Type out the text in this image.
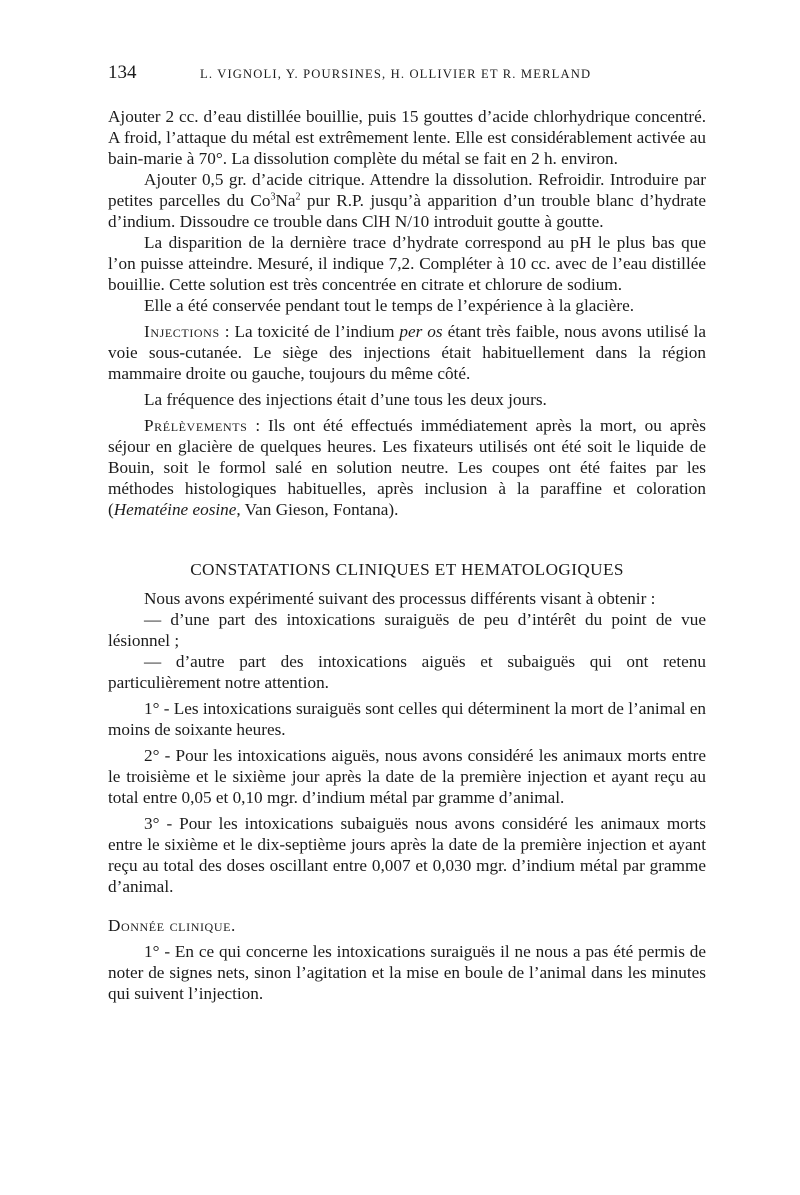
134	L. VIGNOLI, Y. POURSINES, H. OLLIVIER ET R. MERLAND

Ajouter 2 cc. d’eau distillée bouillie, puis 15 gouttes d’acide chlorhydrique concentré. A froid, l’attaque du métal est extrêmement lente. Elle est considérablement activée au bain-marie à 70°. La dissolution complète du métal se fait en 2 h. environ.

Ajouter 0,5 gr. d’acide citrique. Attendre la dissolution. Refroidir. Introduire par petites parcelles du Co$^3$Na$^2$ pur R.P. jusqu’à apparition d’un trouble blanc d’hydrate d’indium. Dissoudre ce trouble dans ClH N/10 introduit goutte à goutte.

La disparition de la dernière trace d’hydrate correspond au pH le plus bas que l’on puisse atteindre. Mesuré, il indique 7,2. Compléter à 10 cc. avec de l’eau distillée bouillie. Cette solution est très concentrée en citrate et chlorure de sodium.

Elle a été conservée pendant tout le temps de l’expérience à la glacière.

Injections : La toxicité de l’indium per os étant très faible, nous avons utilisé la voie sous-cutanée. Le siège des injections était habituellement dans la région mammaire droite ou gauche, toujours du même côté.

La fréquence des injections était d’une tous les deux jours.

Prélèvements : Ils ont été effectués immédiatement après la mort, ou après séjour en glacière de quelques heures. Les fixateurs utilisés ont été soit le liquide de Bouin, soit le formol salé en solution neutre. Les coupes ont été faites par les méthodes histologiques habituelles, après inclusion à la paraffine et coloration (Hematéine eosine, Van Gieson, Fontana).

CONSTATATIONS CLINIQUES ET HEMATOLOGIQUES

Nous avons expérimenté suivant des processus différents visant à obtenir :

— d’une part des intoxications suraiguës de peu d’intérêt du point de vue lésionnel ;

— d’autre part des intoxications aiguës et subaiguës qui ont retenu particulièrement notre attention.

1° - Les intoxications suraiguës sont celles qui déterminent la mort de l’animal en moins de soixante heures.

2° - Pour les intoxications aiguës, nous avons considéré les animaux morts entre le troisième et le sixième jour après la date de la première injection et ayant reçu au total entre 0,05 et 0,10 mgr. d’indium métal par gramme d’animal.

3° - Pour les intoxications subaiguës nous avons considéré les animaux morts entre le sixième et le dix-septième jours après la date de la première injection et ayant reçu au total des doses oscillant entre 0,007 et 0,030 mgr. d’indium métal par gramme d’animal.

Donnée clinique.

1° - En ce qui concerne les intoxications suraiguës il ne nous a pas été permis de noter de signes nets, sinon l’agitation et la mise en boule de l’animal dans les minutes qui suivent l’injection.
